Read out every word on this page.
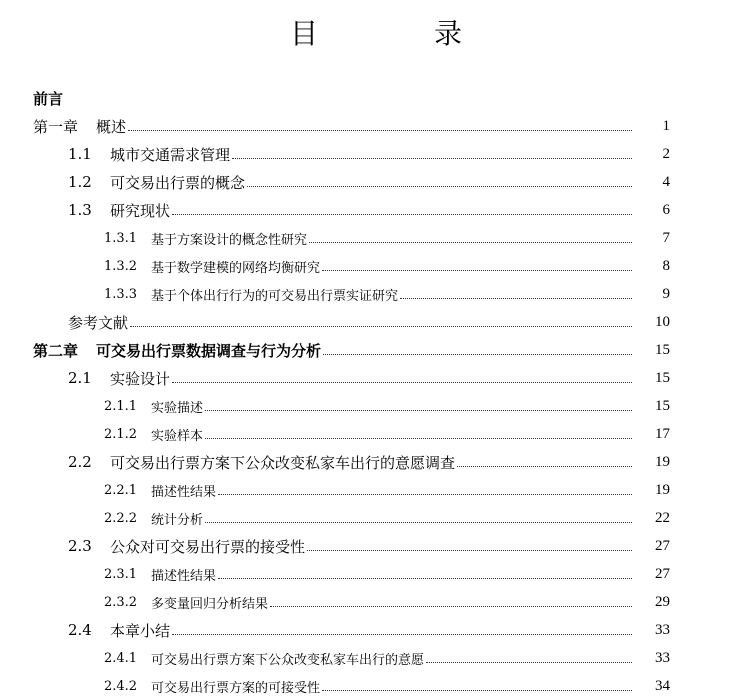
目　录
前言
第一章 概述	1
1.1	城市交通需求管理	2
1.2	可交易出行票的概念	4
1.3	研究现状	6
1.3.1	基于方案设计的概念性研究	7
1.3.2	基于数学建模的网络均衡研究	8
1.3.3	基于个体出行行为的可交易出行票实证研究	9
参考文献	10
第二章 可交易出行票数据调查与行为分析	15
2.1	实验设计	15
2.1.1	实验描述	15
2.1.2	实验样本	17
2.2	可交易出行票方案下公众改变私家车出行的意愿调查	19
2.2.1	描述性结果	19
2.2.2	统计分析	22
2.3	公众对可交易出行票的接受性	27
2.3.1	描述性结果	27
2.3.2	多变量回归分析结果	29
2.4	本章小结	33
2.4.1	可交易出行票方案下公众改变私家车出行的意愿	33
2.4.2	可交易出行票方案的可接受性	34
